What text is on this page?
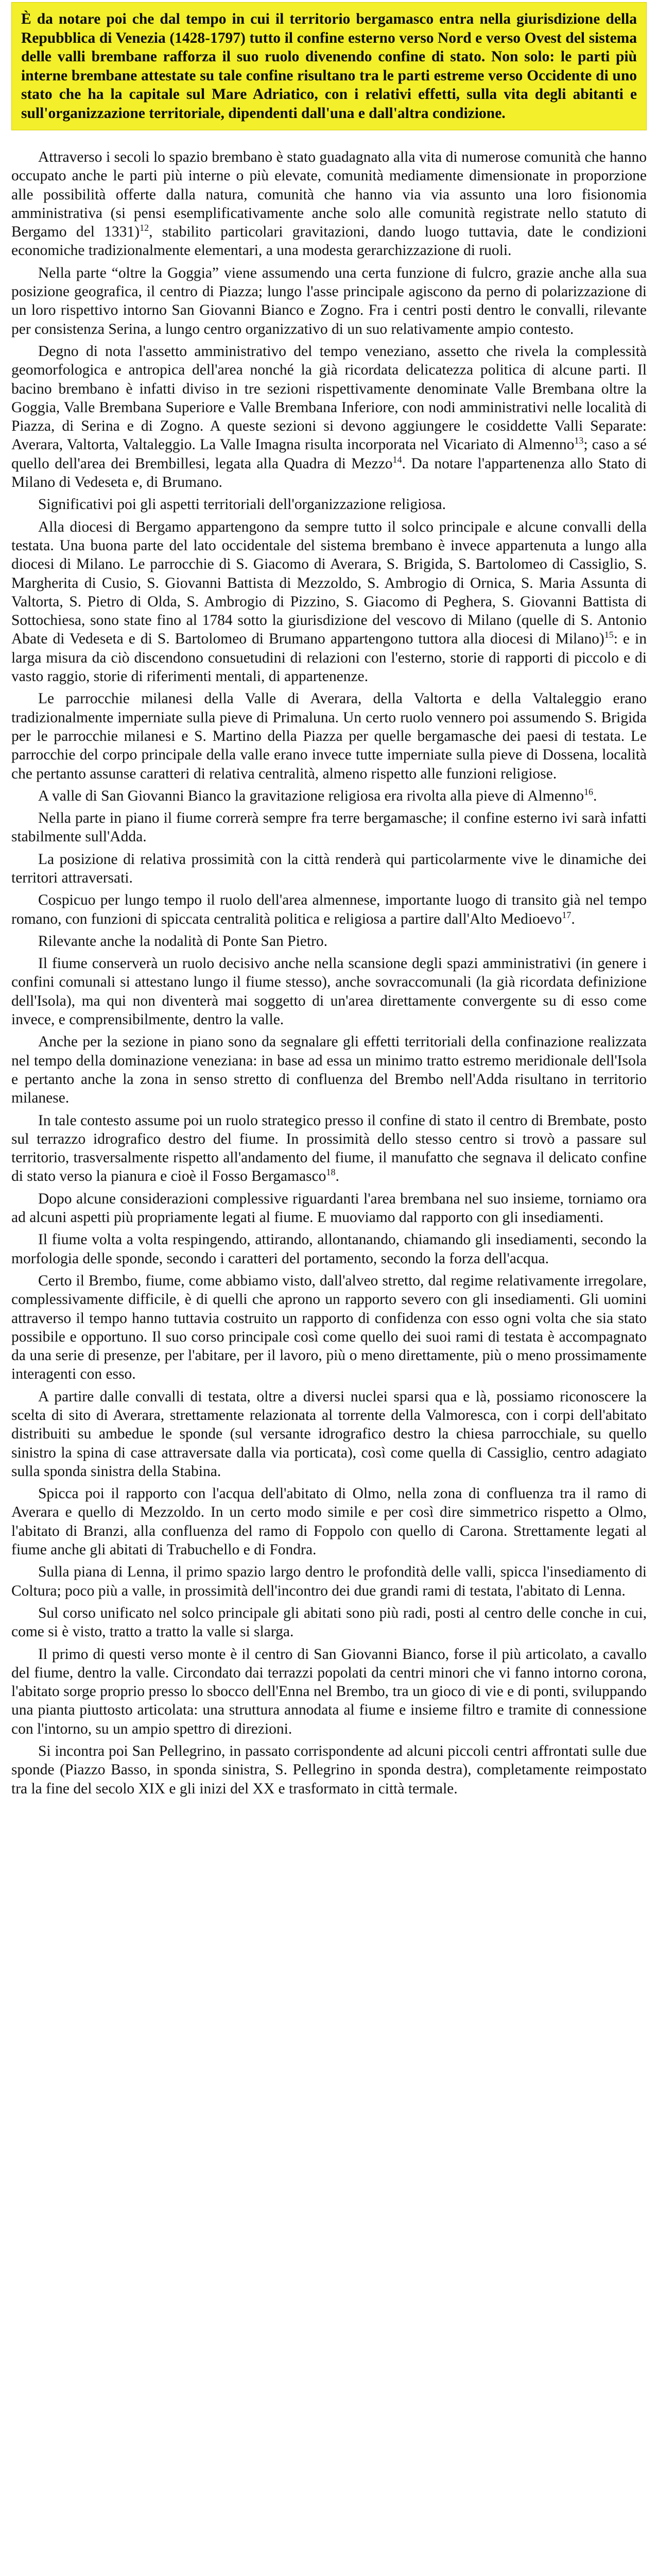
È da notare poi che dal tempo in cui il territorio bergamasco entra nella giurisdizione della Repubblica di Venezia (1428-1797) tutto il confine esterno verso Nord e verso Ovest del sistema delle valli brembane rafforza il suo ruolo divenendo confine di stato. Non solo: le parti più interne brembane attestate su tale confine risultano tra le parti estreme verso Occidente di uno stato che ha la capitale sul Mare Adriatico, con i relativi effetti, sulla vita degli abitanti e sull'organizzazione territoriale, dipendenti dall'una e dall'altra condizione.

Attraverso i secoli lo spazio brembano è stato guadagnato alla vita di numerose comunità che hanno occupato anche le parti più interne o più elevate, comunità mediamente dimensionate in proporzione alle possibilità offerte dalla natura, comunità che hanno via via assunto una loro fisionomia amministrativa (si pensi esemplificativamente anche solo alle comunità registrate nello statuto di Bergamo del 1331)$^{12}$, stabilito particolari gravitazioni, dando luogo tuttavia, date le condizioni economiche tradizionalmente elementari, a una modesta gerarchizzazione di ruoli.

Nella parte “oltre la Goggia” viene assumendo una certa funzione di fulcro, grazie anche alla sua posizione geografica, il centro di Piazza; lungo l'asse principale agiscono da perno di polarizzazione di un loro rispettivo intorno San Giovanni Bianco e Zogno. Fra i centri posti dentro le convalli, rilevante per consistenza Serina, a lungo centro organizzativo di un suo relativamente ampio contesto.

Degno di nota l'assetto amministrativo del tempo veneziano, assetto che rivela la complessità geomorfologica e antropica dell'area nonché la già ricordata delicatezza politica di alcune parti. Il bacino brembano è infatti diviso in tre sezioni rispettivamente denominate Valle Brembana oltre la Goggia, Valle Brembana Superiore e Valle Brembana Inferiore, con nodi amministrativi nelle località di Piazza, di Serina e di Zogno. A queste sezioni si devono aggiungere le cosiddette Valli Separate: Averara, Valtorta, Valtaleggio. La Valle Imagna risulta incorporata nel Vicariato di Almenno$^{13}$; caso a sé quello dell'area dei Brembillesi, legata alla Quadra di Mezzo$^{14}$. Da notare l'appartenenza allo Stato di Milano di Vedeseta e, di Brumano.

Significativi poi gli aspetti territoriali dell'organizzazione religiosa.

Alla diocesi di Bergamo appartengono da sempre tutto il solco principale e alcune convalli della testata. Una buona parte del lato occidentale del sistema brembano è invece appartenuta a lungo alla diocesi di Milano. Le parrocchie di S. Giacomo di Averara, S. Brigida, S. Bartolomeo di Cassiglio, S. Margherita di Cusio, S. Giovanni Battista di Mezzoldo, S. Ambrogio di Ornica, S. Maria Assunta di Valtorta, S. Pietro di Olda, S. Ambrogio di Pizzino, S. Giacomo di Peghera, S. Giovanni Battista di Sottochiesa, sono state fino al 1784 sotto la giurisdizione del vescovo di Milano (quelle di S. Antonio Abate di Vedeseta e di S. Bartolomeo di Brumano appartengono tuttora alla diocesi di Milano)$^{15}$: e in larga misura da ciò discendono consuetudini di relazioni con l'esterno, storie di rapporti di piccolo e di vasto raggio, storie di riferimenti mentali, di appartenenze.

Le parrocchie milanesi della Valle di Averara, della Valtorta e della Valtaleggio erano tradizionalmente imperniate sulla pieve di Primaluna. Un certo ruolo vennero poi assumendo S. Brigida per le parrocchie milanesi e S. Martino della Piazza per quelle bergamasche dei paesi di testata. Le parrocchie del corpo principale della valle erano invece tutte imperniate sulla pieve di Dossena, località che pertanto assunse caratteri di relativa centralità, almeno rispetto alle funzioni religiose.

A valle di San Giovanni Bianco la gravitazione religiosa era rivolta alla pieve di Almenno$^{16}$.

Nella parte in piano il fiume correrà sempre fra terre bergamasche; il confine esterno ivi sarà infatti stabilmente sull'Adda.

La posizione di relativa prossimità con la città renderà qui particolarmente vive le dinamiche dei territori attraversati.

Cospicuo per lungo tempo il ruolo dell'area almennese, importante luogo di transito già nel tempo romano, con funzioni di spiccata centralità politica e religiosa a partire dall'Alto Medioevo$^{17}$.

Rilevante anche la nodalità di Ponte San Pietro.

Il fiume conserverà un ruolo decisivo anche nella scansione degli spazi amministrativi (in genere i confini comunali si attestano lungo il fiume stesso), anche sovraccomunali (la già ricordata definizione dell'Isola), ma qui non diventerà mai soggetto di un'area direttamente convergente su di esso come invece, e comprensibilmente, dentro la valle.

Anche per la sezione in piano sono da segnalare gli effetti territoriali della confinazione realizzata nel tempo della dominazione veneziana: in base ad essa un minimo tratto estremo meridionale dell'Isola e pertanto anche la zona in senso stretto di confluenza del Brembo nell'Adda risultano in territorio milanese.

In tale contesto assume poi un ruolo strategico presso il confine di stato il centro di Brembate, posto sul terrazzo idrografico destro del fiume. In prossimità dello stesso centro si trovò a passare sul territorio, trasversalmente rispetto all'andamento del fiume, il manufatto che segnava il delicato confine di stato verso la pianura e cioè il Fosso Bergamasco$^{18}$.

Dopo alcune considerazioni complessive riguardanti l'area brembana nel suo insieme, torniamo ora ad alcuni aspetti più propriamente legati al fiume. E muoviamo dal rapporto con gli insediamenti.

Il fiume volta a volta respingendo, attirando, allontanando, chiamando gli insediamenti, secondo la morfologia delle sponde, secondo i caratteri del portamento, secondo la forza dell'acqua.

Certo il Brembo, fiume, come abbiamo visto, dall'alveo stretto, dal regime relativamente irregolare, complessivamente difficile, è di quelli che aprono un rapporto severo con gli insediamenti. Gli uomini attraverso il tempo hanno tuttavia costruito un rapporto di confidenza con esso ogni volta che sia stato possibile e opportuno. Il suo corso principale così come quello dei suoi rami di testata è accompagnato da una serie di presenze, per l'abitare, per il lavoro, più o meno direttamente, più o meno prossimamente interagenti con esso.

A partire dalle convalli di testata, oltre a diversi nuclei sparsi qua e là, possiamo riconoscere la scelta di sito di Averara, strettamente relazionata al torrente della Valmoresca, con i corpi dell'abitato distribuiti su ambedue le sponde (sul versante idrografico destro la chiesa parrocchiale, su quello sinistro la spina di case attraversate dalla via porticata), così come quella di Cassiglio, centro adagiato sulla sponda sinistra della Stabina.

Spicca poi il rapporto con l'acqua dell'abitato di Olmo, nella zona di confluenza tra il ramo di Averara e quello di Mezzoldo. In un certo modo simile e per così dire simmetrico rispetto a Olmo, l'abitato di Branzi, alla confluenza del ramo di Foppolo con quello di Carona. Strettamente legati al fiume anche gli abitati di Trabuchello e di Fondra.

Sulla piana di Lenna, il primo spazio largo dentro le profondità delle valli, spicca l'insediamento di Coltura; poco più a valle, in prossimità dell'incontro dei due grandi rami di testata, l'abitato di Lenna.

Sul corso unificato nel solco principale gli abitati sono più radi, posti al centro delle conche in cui, come si è visto, tratto a tratto la valle si slarga.

Il primo di questi verso monte è il centro di San Giovanni Bianco, forse il più articolato, a cavallo del fiume, dentro la valle. Circondato dai terrazzi popolati da centri minori che vi fanno intorno corona, l'abitato sorge proprio presso lo sbocco dell'Enna nel Brembo, tra un gioco di vie e di ponti, sviluppando una pianta piuttosto articolata: una struttura annodata al fiume e insieme filtro e tramite di connessione con l'intorno, su un ampio spettro di direzioni.

Si incontra poi San Pellegrino, in passato corrispondente ad alcuni piccoli centri affrontati sulle due sponde (Piazzo Basso, in sponda sinistra, S. Pellegrino in sponda destra), completamente reimpostato tra la fine del secolo XIX e gli inizi del XX e trasformato in città termale.
